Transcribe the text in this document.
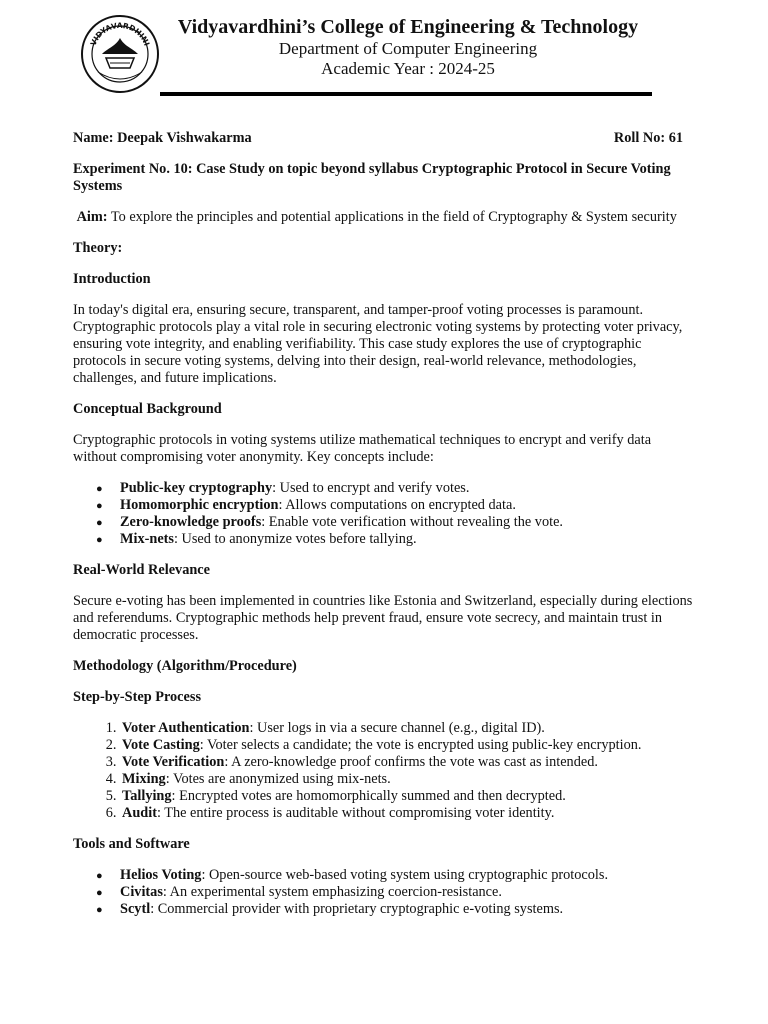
VIDYAVARDHINI
Vidyavardhini’s College of Engineering & Technology
Department of Computer Engineering
Academic Year : 2024-25
Name: Deepak Vishwakarma	Roll No: 61

Experiment No. 10: Case Study on topic beyond syllabus Cryptographic Protocol in Secure Voting Systems

Aim: To explore the principles and potential applications in the field of Cryptography & System security

Theory:
Introduction

In today's digital era, ensuring secure, transparent, and tamper-proof voting processes is paramount. Cryptographic protocols play a vital role in securing electronic voting systems by protecting voter privacy, ensuring vote integrity, and enabling verifiability. This case study explores the use of cryptographic protocols in secure voting systems, delving into their design, real-world relevance, methodologies, challenges, and future implications.

Conceptual Background

Cryptographic protocols in voting systems utilize mathematical techniques to encrypt and verify data without compromising voter anonymity. Key concepts include:

● Public-key cryptography: Used to encrypt and verify votes.
● Homomorphic encryption: Allows computations on encrypted data.
● Zero-knowledge proofs: Enable vote verification without revealing the vote.
● Mix-nets: Used to anonymize votes before tallying.
Real-World Relevance

Secure e-voting has been implemented in countries like Estonia and Switzerland, especially during elections and referendums. Cryptographic methods help prevent fraud, ensure vote secrecy, and maintain trust in democratic processes.

Methodology (Algorithm/Procedure)
Step-by-Step Process
1. Voter Authentication: User logs in via a secure channel (e.g., digital ID).
2. Vote Casting: Voter selects a candidate; the vote is encrypted using public-key encryption.
3. Vote Verification: A zero-knowledge proof confirms the vote was cast as intended.
4. Mixing: Votes are anonymized using mix-nets.
5. Tallying: Encrypted votes are homomorphically summed and then decrypted.
6. Audit: The entire process is auditable without compromising voter identity.
Tools and Software
● Helios Voting: Open-source web-based voting system using cryptographic protocols.
● Civitas: An experimental system emphasizing coercion-resistance.
● Scytl: Commercial provider with proprietary cryptographic e-voting systems.
